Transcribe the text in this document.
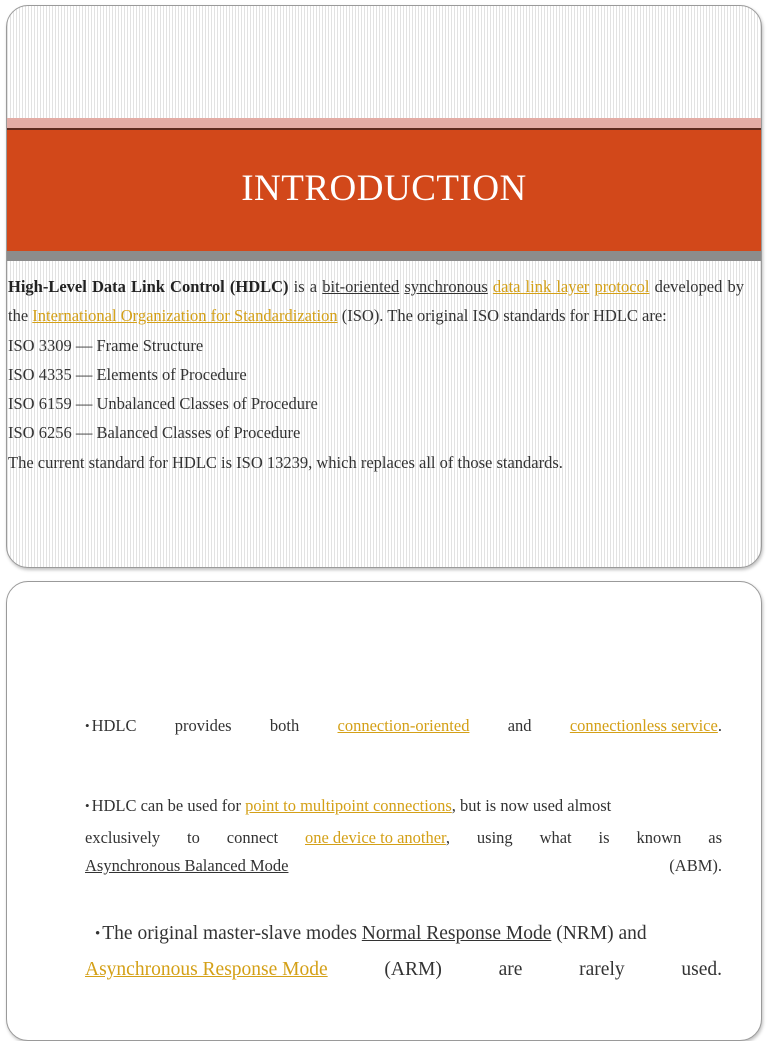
INTRODUCTION

High-Level Data Link Control (HDLC) is a bit-oriented synchronous data link layer protocol developed by the International Organization for Standardization (ISO). The original ISO standards for HDLC are:

ISO 3309 — Frame Structure

ISO 4335 — Elements of Procedure

ISO 6159 — Unbalanced Classes of Procedure

ISO 6256 — Balanced Classes of Procedure

The current standard for HDLC is ISO 13239, which replaces all of those standards.

• HDLC provides both connection-oriented and connectionless service.
• HDLC can be used for point to multipoint connections, but is now used almost
exclusively to connect one device to another, using what is known as
Asynchronous Balanced Mode	(ABM).
• The original master-slave modes Normal Response Mode (NRM) and
Asynchronous Response Mode	(ARM)	are	rarely	used.
